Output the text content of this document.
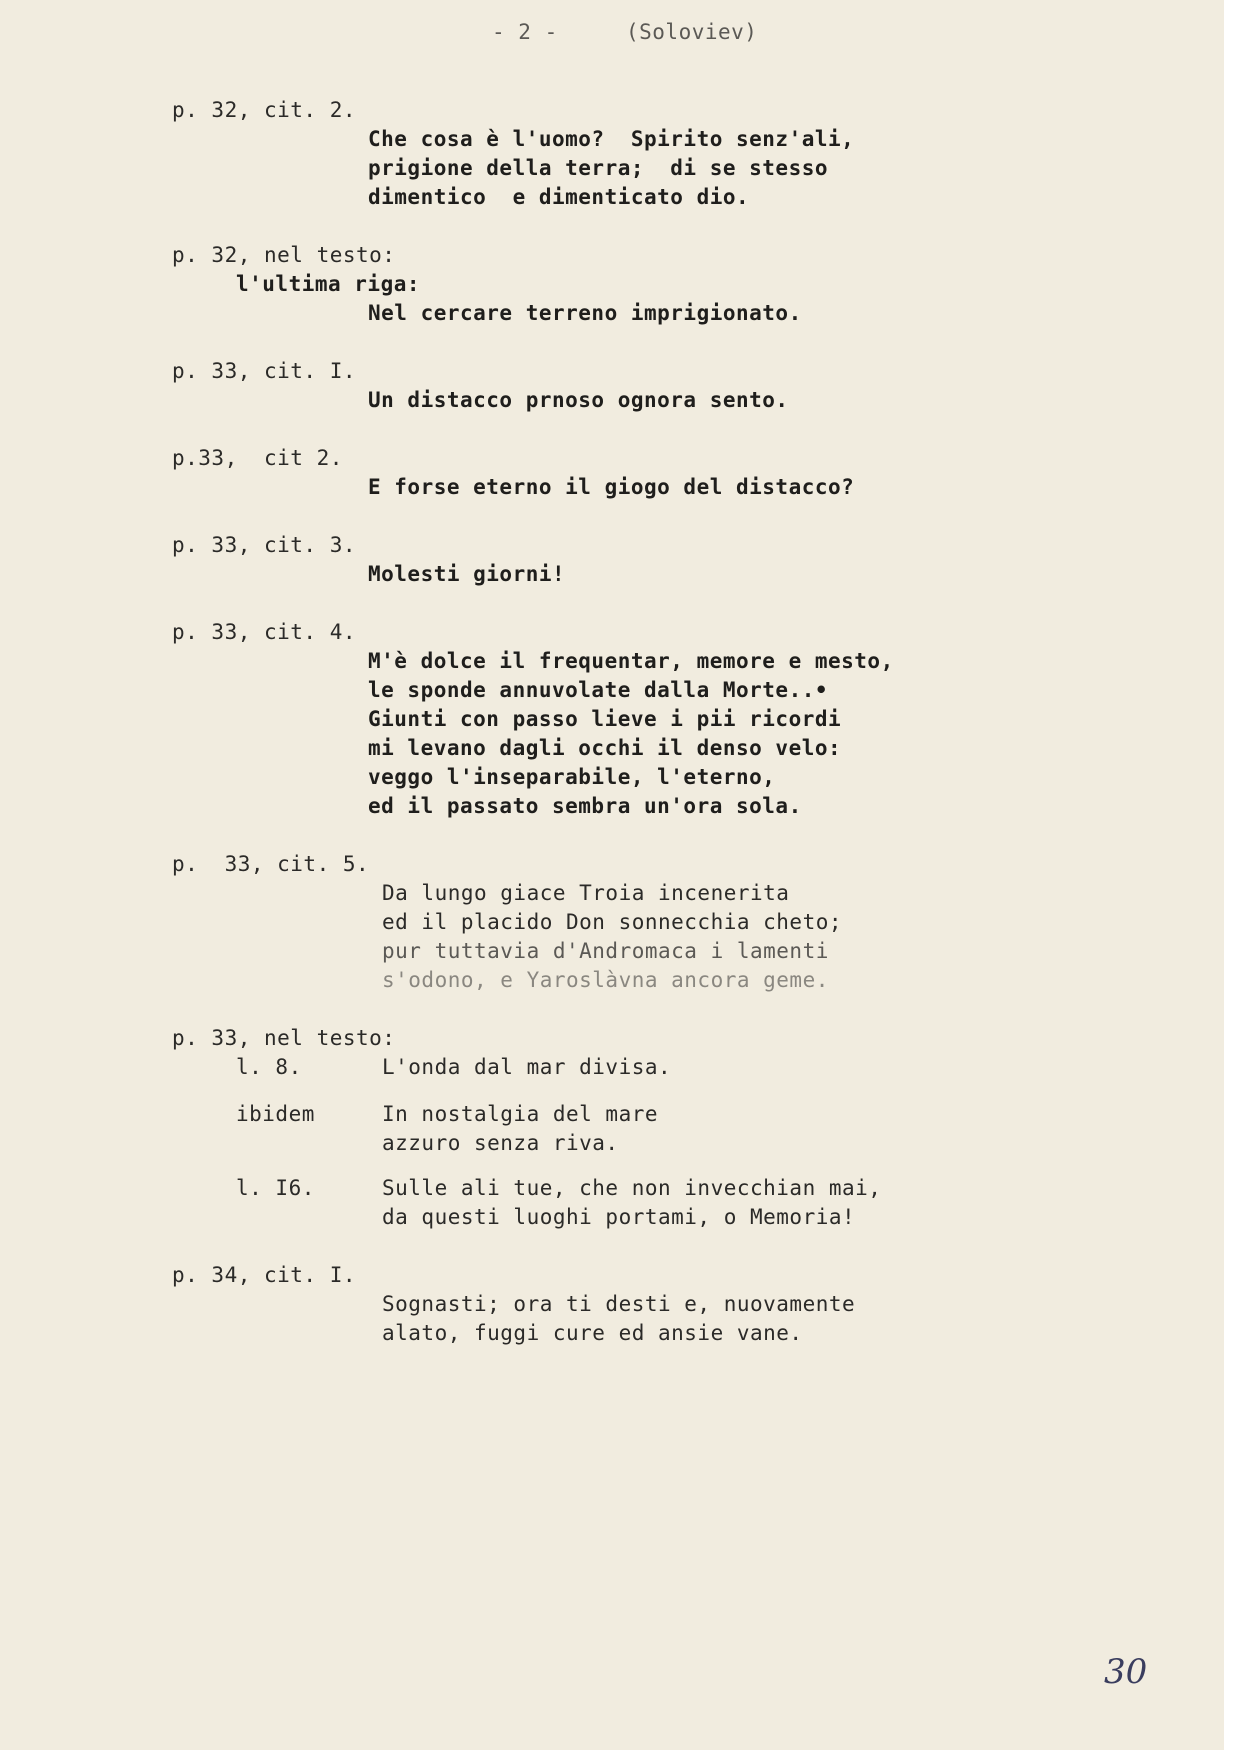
- 2 -	(Soloviev)
p. 32, cit. 2.
Che cosa è l'uomo?  Spirito senz'ali,
prigione della terra;  di se stesso
dimentico  e dimenticato dio.
p. 32, nel testo:
l'ultima riga:
Nel cercare terreno imprigionato.
p. 33, cit. I.
Un distacco prnoso ognora sento.
p.33,  cit 2.
E forse eterno il giogo del distacco?
p. 33, cit. 3.
Molesti giorni!
p. 33, cit. 4.
M'è dolce il frequentar, memore e mesto,
le sponde annuvolate dalla Morte..•
Giunti con passo lieve i pii ricordi
mi levano dagli occhi il denso velo:
veggo l'inseparabile, l'eterno,
ed il passato sembra un'ora sola.
p.  33, cit. 5.
Da lungo giace Troia incenerita
ed il placido Don sonnecchia cheto;
pur tuttavia d'Andromaca i lamenti
s'odono, e Yaroslàvna ancora geme.
p. 33, nel testo:
l. 8.	L'onda dal mar divisa.
ibidem	In nostalgia del mare
azzuro senza riva.
l. I6.	Sulle ali tue, che non invecchian mai,
da questi luoghi portami, o Memoria!
p. 34, cit. I.
Sognasti; ora ti desti e, nuovamente
alato, fuggi cure ed ansie vane.
30
